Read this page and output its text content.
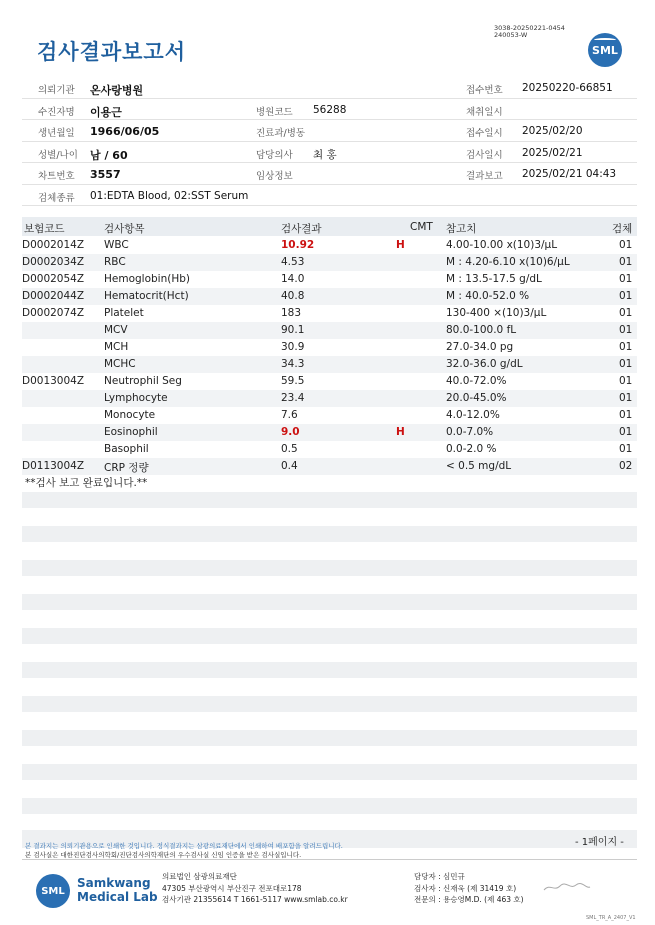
검사결과보고서
3038-20250221-0454
240053-W
SML
의뢰기관 온사랑병원	접수번호 20250220-66851
수진자명 이용근	병원코드 56288	채취일시
생년월일 1966/06/05	진료과/병동	접수일시 2025/02/20
성별/나이 남 / 60	담당의사 최 홍	검사일시 2025/02/21
차트번호 3557	임상정보	결과보고 2025/02/21 04:43
검체종류 01:EDTA Blood, 02:SST Serum
보험코드	검사항목	검사결과	CMT 참고치	검체
D0002014Z WBC	10.92	H	4.00-10.00 x(10)3/μL	01
D0002034Z RBC	4.53	M : 4.20-6.10 x(10)6/μL	01
D0002054Z Hemoglobin(Hb)	14.0	M : 13.5-17.5 g/dL	01
D0002044Z Hematocrit(Hct)	40.8	M : 40.0-52.0 %	01
D0002074Z Platelet	183	130-400 ×(10)3/μL	01
MCV	90.1	80.0-100.0 fL	01
MCH	30.9	27.0-34.0 pg	01
MCHC	34.3	32.0-36.0 g/dL	01
D0013004Z Neutrophil Seg	59.5	40.0-72.0%	01
Lymphocyte	23.4	20.0-45.0%	01
Monocyte	7.6	4.0-12.0%	01
Eosinophil	9.0	H	0.0-7.0%	01
Basophil	0.5	0.0-2.0 %	01
D0113004Z CRP 정량	0.4	< 0.5 mg/dL	02
**검사 보고 완료입니다.**
- 1페이지 -
본 결과지는 의뢰기관용으로 인쇄한 것입니다. 정식결과지는 삼광의료재단에서 인쇄하여 배포함을 알려드립니다.
본 검사실은 대한진단검사의학회/진단검사의학재단의 우수검사실 신임 인증을 받은 검사실입니다.
SML
Samkwang
Medical Lab
의료법인 삼광의료재단
47305 부산광역시 부산진구 전포대로178
검사기관 21355614 T 1661-5117 www.smlab.co.kr
담당자 : 심민규
검사자 : 신재욱 (제 31419 호)
전문의 : 용승영M.D. (제 463 호)
SML_TR_A_2407_V1
